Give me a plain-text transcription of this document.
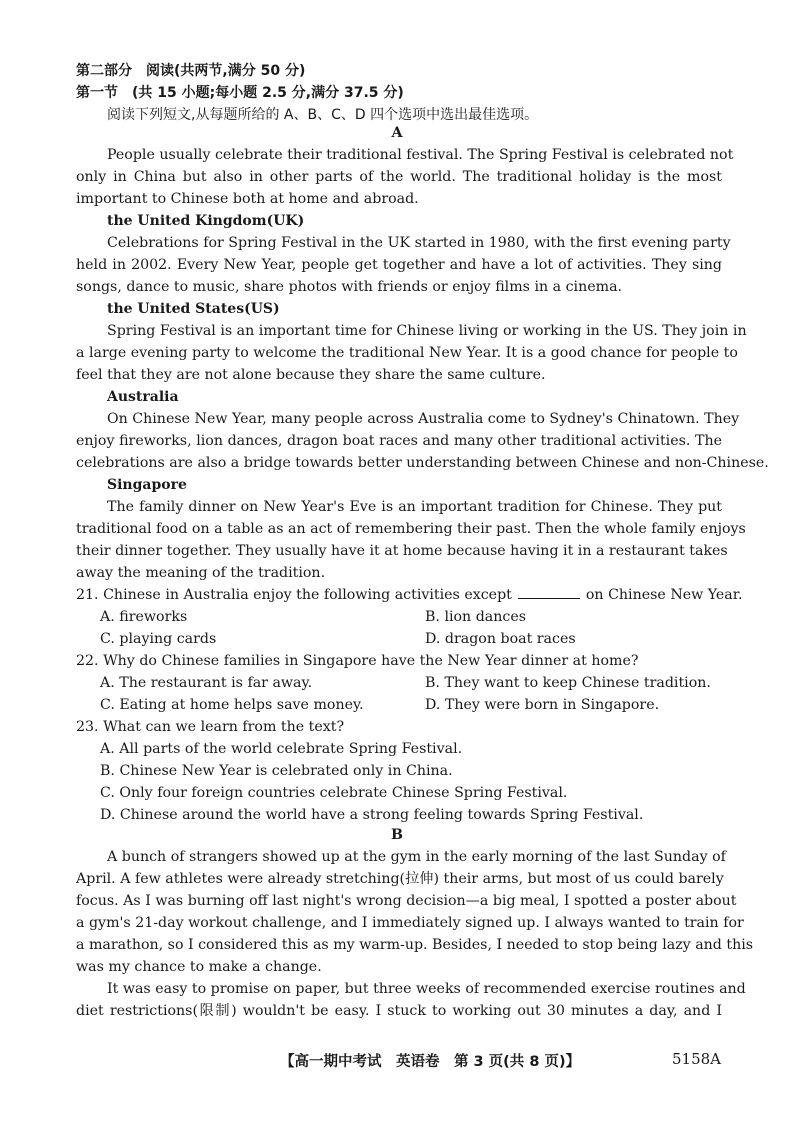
第二部分　阅读(共两节,满分 50 分)
第一节　(共 15 小题;每小题 2.5 分,满分 37.5 分)
阅读下列短文,从每题所给的 A、B、C、D 四个选项中选出最佳选项。
A
People usually celebrate their traditional festival. The Spring Festival is celebrated not
only in China but also in other parts of the world. The traditional holiday is the most
important to Chinese both at home and abroad.
the United Kingdom(UK)
Celebrations for Spring Festival in the UK started in 1980, with the first evening party
held in 2002. Every New Year, people get together and have a lot of activities. They sing
songs, dance to music, share photos with friends or enjoy films in a cinema.
the United States(US)
Spring Festival is an important time for Chinese living or working in the US. They join in
a large evening party to welcome the traditional New Year. It is a good chance for people to
feel that they are not alone because they share the same culture.
Australia
On Chinese New Year, many people across Australia come to Sydney's Chinatown. They
enjoy fireworks, lion dances, dragon boat races and many other traditional activities. The
celebrations are also a bridge towards better understanding between Chinese and non-Chinese.
Singapore
The family dinner on New Year's Eve is an important tradition for Chinese. They put
traditional food on a table as an act of remembering their past. Then the whole family enjoys
their dinner together. They usually have it at home because having it in a restaurant takes
away the meaning of the tradition.
21. Chinese in Australia enjoy the following activities except	on Chinese New Year.
A. fireworks	B. lion dances
C. playing cards	D. dragon boat races
22. Why do Chinese families in Singapore have the New Year dinner at home?
A. The restaurant is far away.	B. They want to keep Chinese tradition.
C. Eating at home helps save money.	D. They were born in Singapore.
23. What can we learn from the text?
A. All parts of the world celebrate Spring Festival.
B. Chinese New Year is celebrated only in China.
C. Only four foreign countries celebrate Chinese Spring Festival.
D. Chinese around the world have a strong feeling towards Spring Festival.
B
A bunch of strangers showed up at the gym in the early morning of the last Sunday of
April. A few athletes were already stretching(拉伸) their arms, but most of us could barely
focus. As I was burning off last night's wrong decision—a big meal, I spotted a poster about
a gym's 21-day workout challenge, and I immediately signed up. I always wanted to train for
a marathon, so I considered this as my warm-up. Besides, I needed to stop being lazy and this
was my chance to make a change.
It was easy to promise on paper, but three weeks of recommended exercise routines and
diet restrictions(限制) wouldn't be easy. I stuck to working out 30 minutes a day, and I
【高一期中考试　英语卷　第 3 页(共 8 页)】	5158A
